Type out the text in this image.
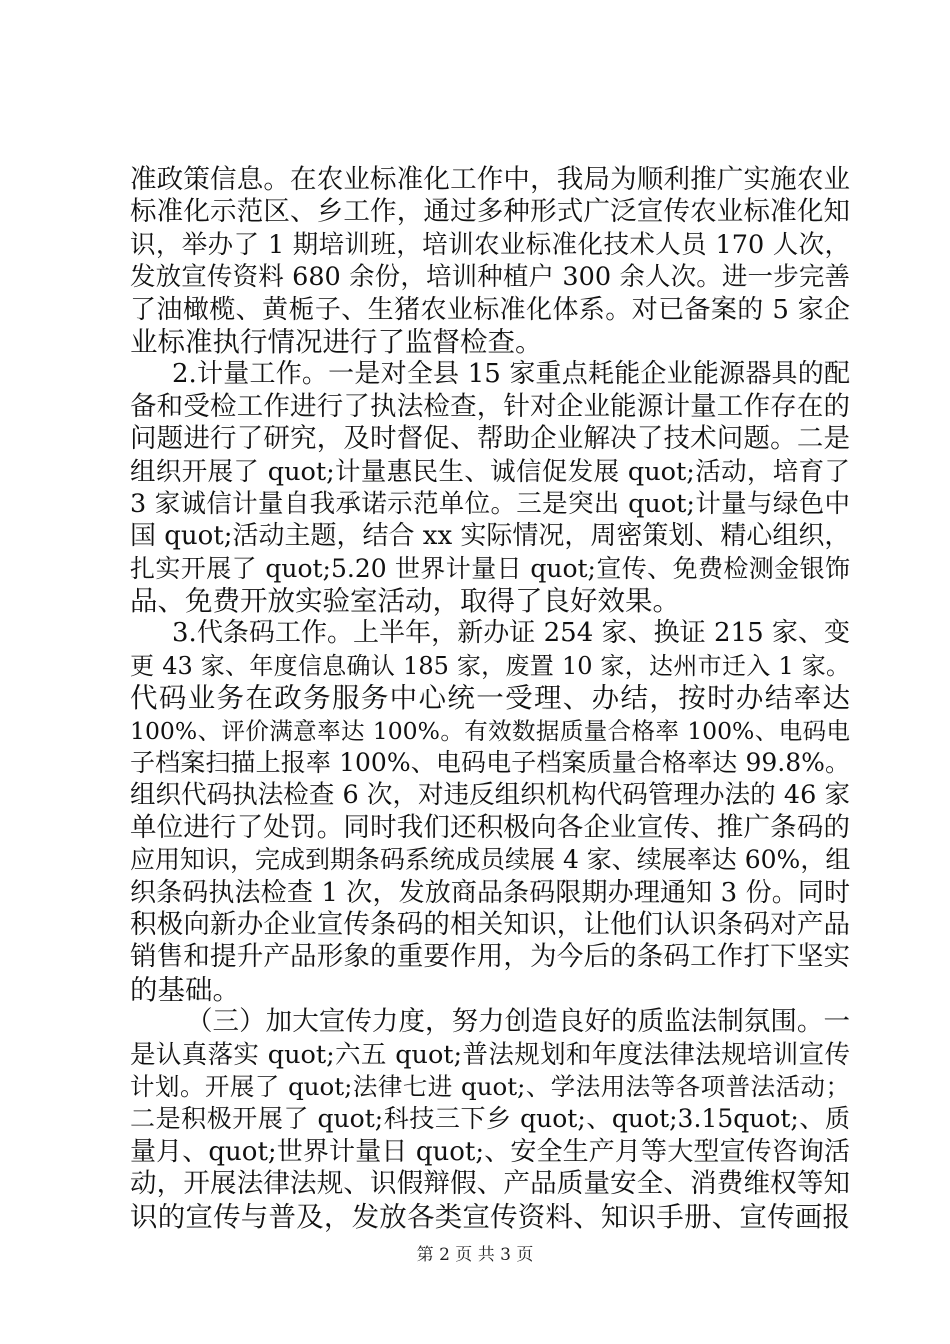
准政策信息。在农业标准化工作中，我局为顺利推广实施农业
标准化示范区、乡工作，通过多种形式广泛宣传农业标准化知
识，举办了 1 期培训班，培训农业标准化技术人员 170 人次，
发放宣传资料 680 余份，培训种植户 300 余人次。进一步完善
了油橄榄、黄栀子、生猪农业标准化体系。对已备案的 5 家企
业标准执行情况进行了监督检查。
2.计量工作。一是对全县 15 家重点耗能企业能源器具的配
备和受检工作进行了执法检查，针对企业能源计量工作存在的
问题进行了研究，及时督促、帮助企业解决了技术问题。二是
组织开展了 quot;计量惠民生、诚信促发展 quot;活动，培育了
3 家诚信计量自我承诺示范单位。三是突出 quot;计量与绿色中
国 quot;活动主题，结合 xx 实际情况，周密策划、精心组织，
扎实开展了 quot;5.20 世界计量日 quot;宣传、免费检测金银饰
品、免费开放实验室活动，取得了良好效果。
3.代条码工作。上半年，新办证 254 家、换证 215 家、变
更 43 家、年度信息确认 185 家，废置 10 家，达州市迁入 1 家。
代码业务在政务服务中心统一受理、办结，按时办结率达
100%、评价满意率达 100%。有效数据质量合格率 100%、电码电
子档案扫描上报率 100%、电码电子档案质量合格率达 99.8%。
组织代码执法检查 6 次，对违反组织机构代码管理办法的 46 家
单位进行了处罚。同时我们还积极向各企业宣传、推广条码的
应用知识，完成到期条码系统成员续展 4 家、续展率达 60%，组
织条码执法检查 1 次，发放商品条码限期办理通知 3 份。同时
积极向新办企业宣传条码的相关知识，让他们认识条码对产品
销售和提升产品形象的重要作用，为今后的条码工作打下坚实
的基础。
（三）加大宣传力度，努力创造良好的质监法制氛围。一
是认真落实 quot;六五 quot;普法规划和年度法律法规培训宣传
计划。开展了 quot;法律七进 quot;、学法用法等各项普法活动；
二是积极开展了 quot;科技三下乡 quot;、quot;3.15quot;、质
量月、quot;世界计量日 quot;、安全生产月等大型宣传咨询活
动，开展法律法规、识假辩假、产品质量安全、消费维权等知
识的宣传与普及，发放各类宣传资料、知识手册、宣传画报
第 2 页 共 3 页
